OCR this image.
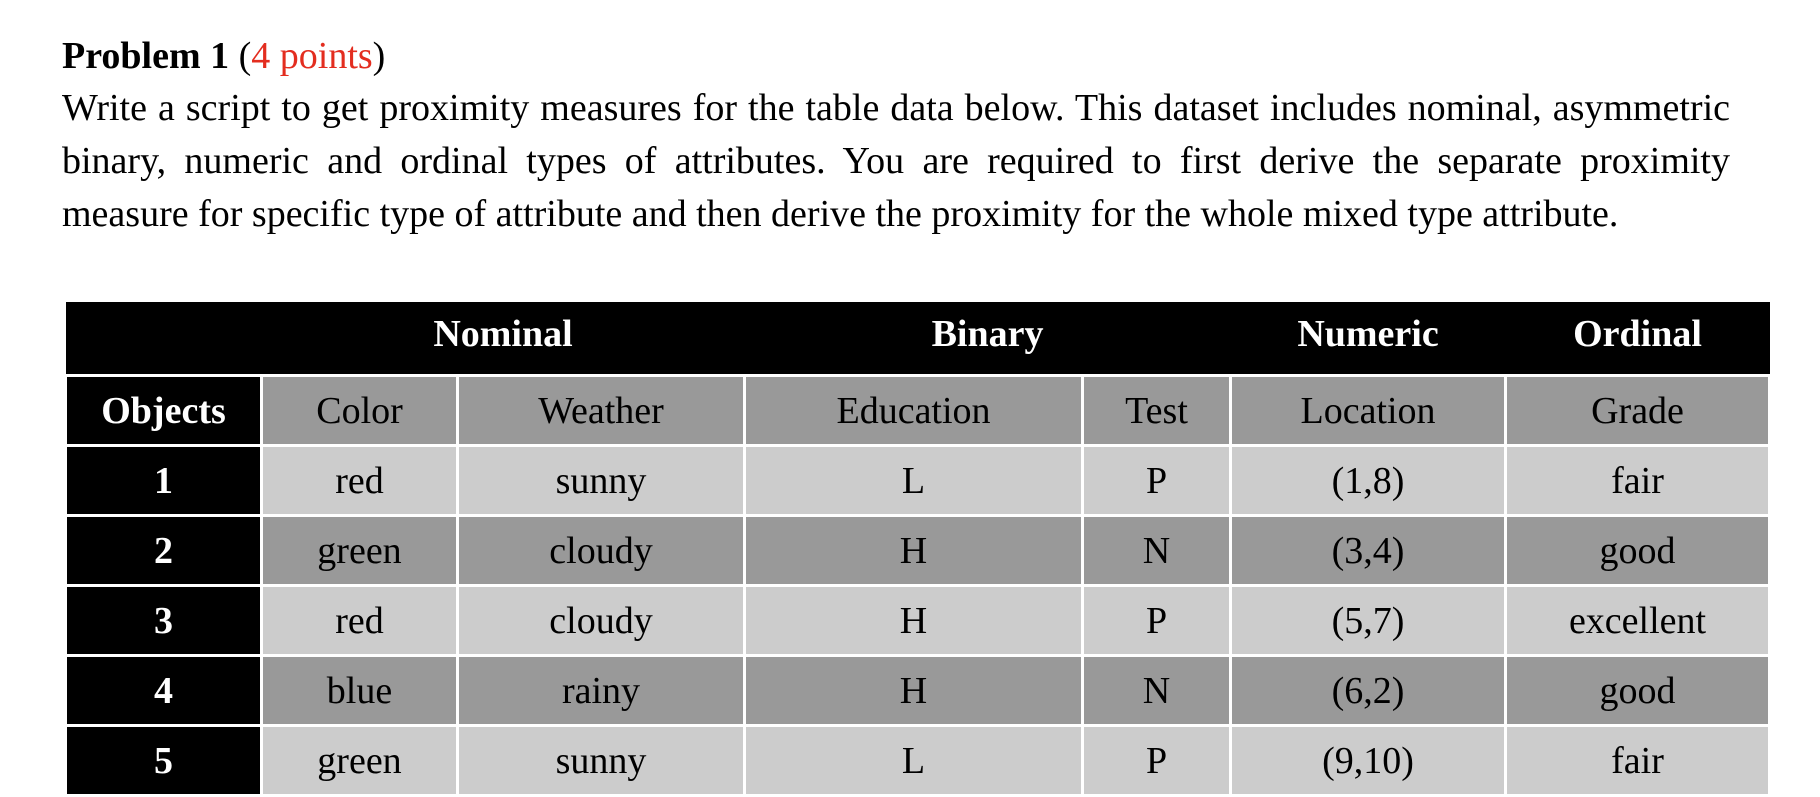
Problem 1 (4 points)

Write a script to get proximity measures for the table data below. This dataset includes nominal, asymmetric binary, numeric and ordinal types of attributes. You are required to first derive the separate proximity measure for specific type of attribute and then derive the proximity for the whole mixed type attribute.

Nominal			Binary		Numeric	Ordinal
Objects	Color	Weather	Education	Test	Location	Grade
1	red	sunny	L	P	(1,8)	fair
2	green	cloudy	H	N	(3,4)	good
3	red	cloudy	H	P	(5,7)	excellent
4	blue	rainy	H	N	(6,2)	good
5	green	sunny	L	P	(9,10)	fair
